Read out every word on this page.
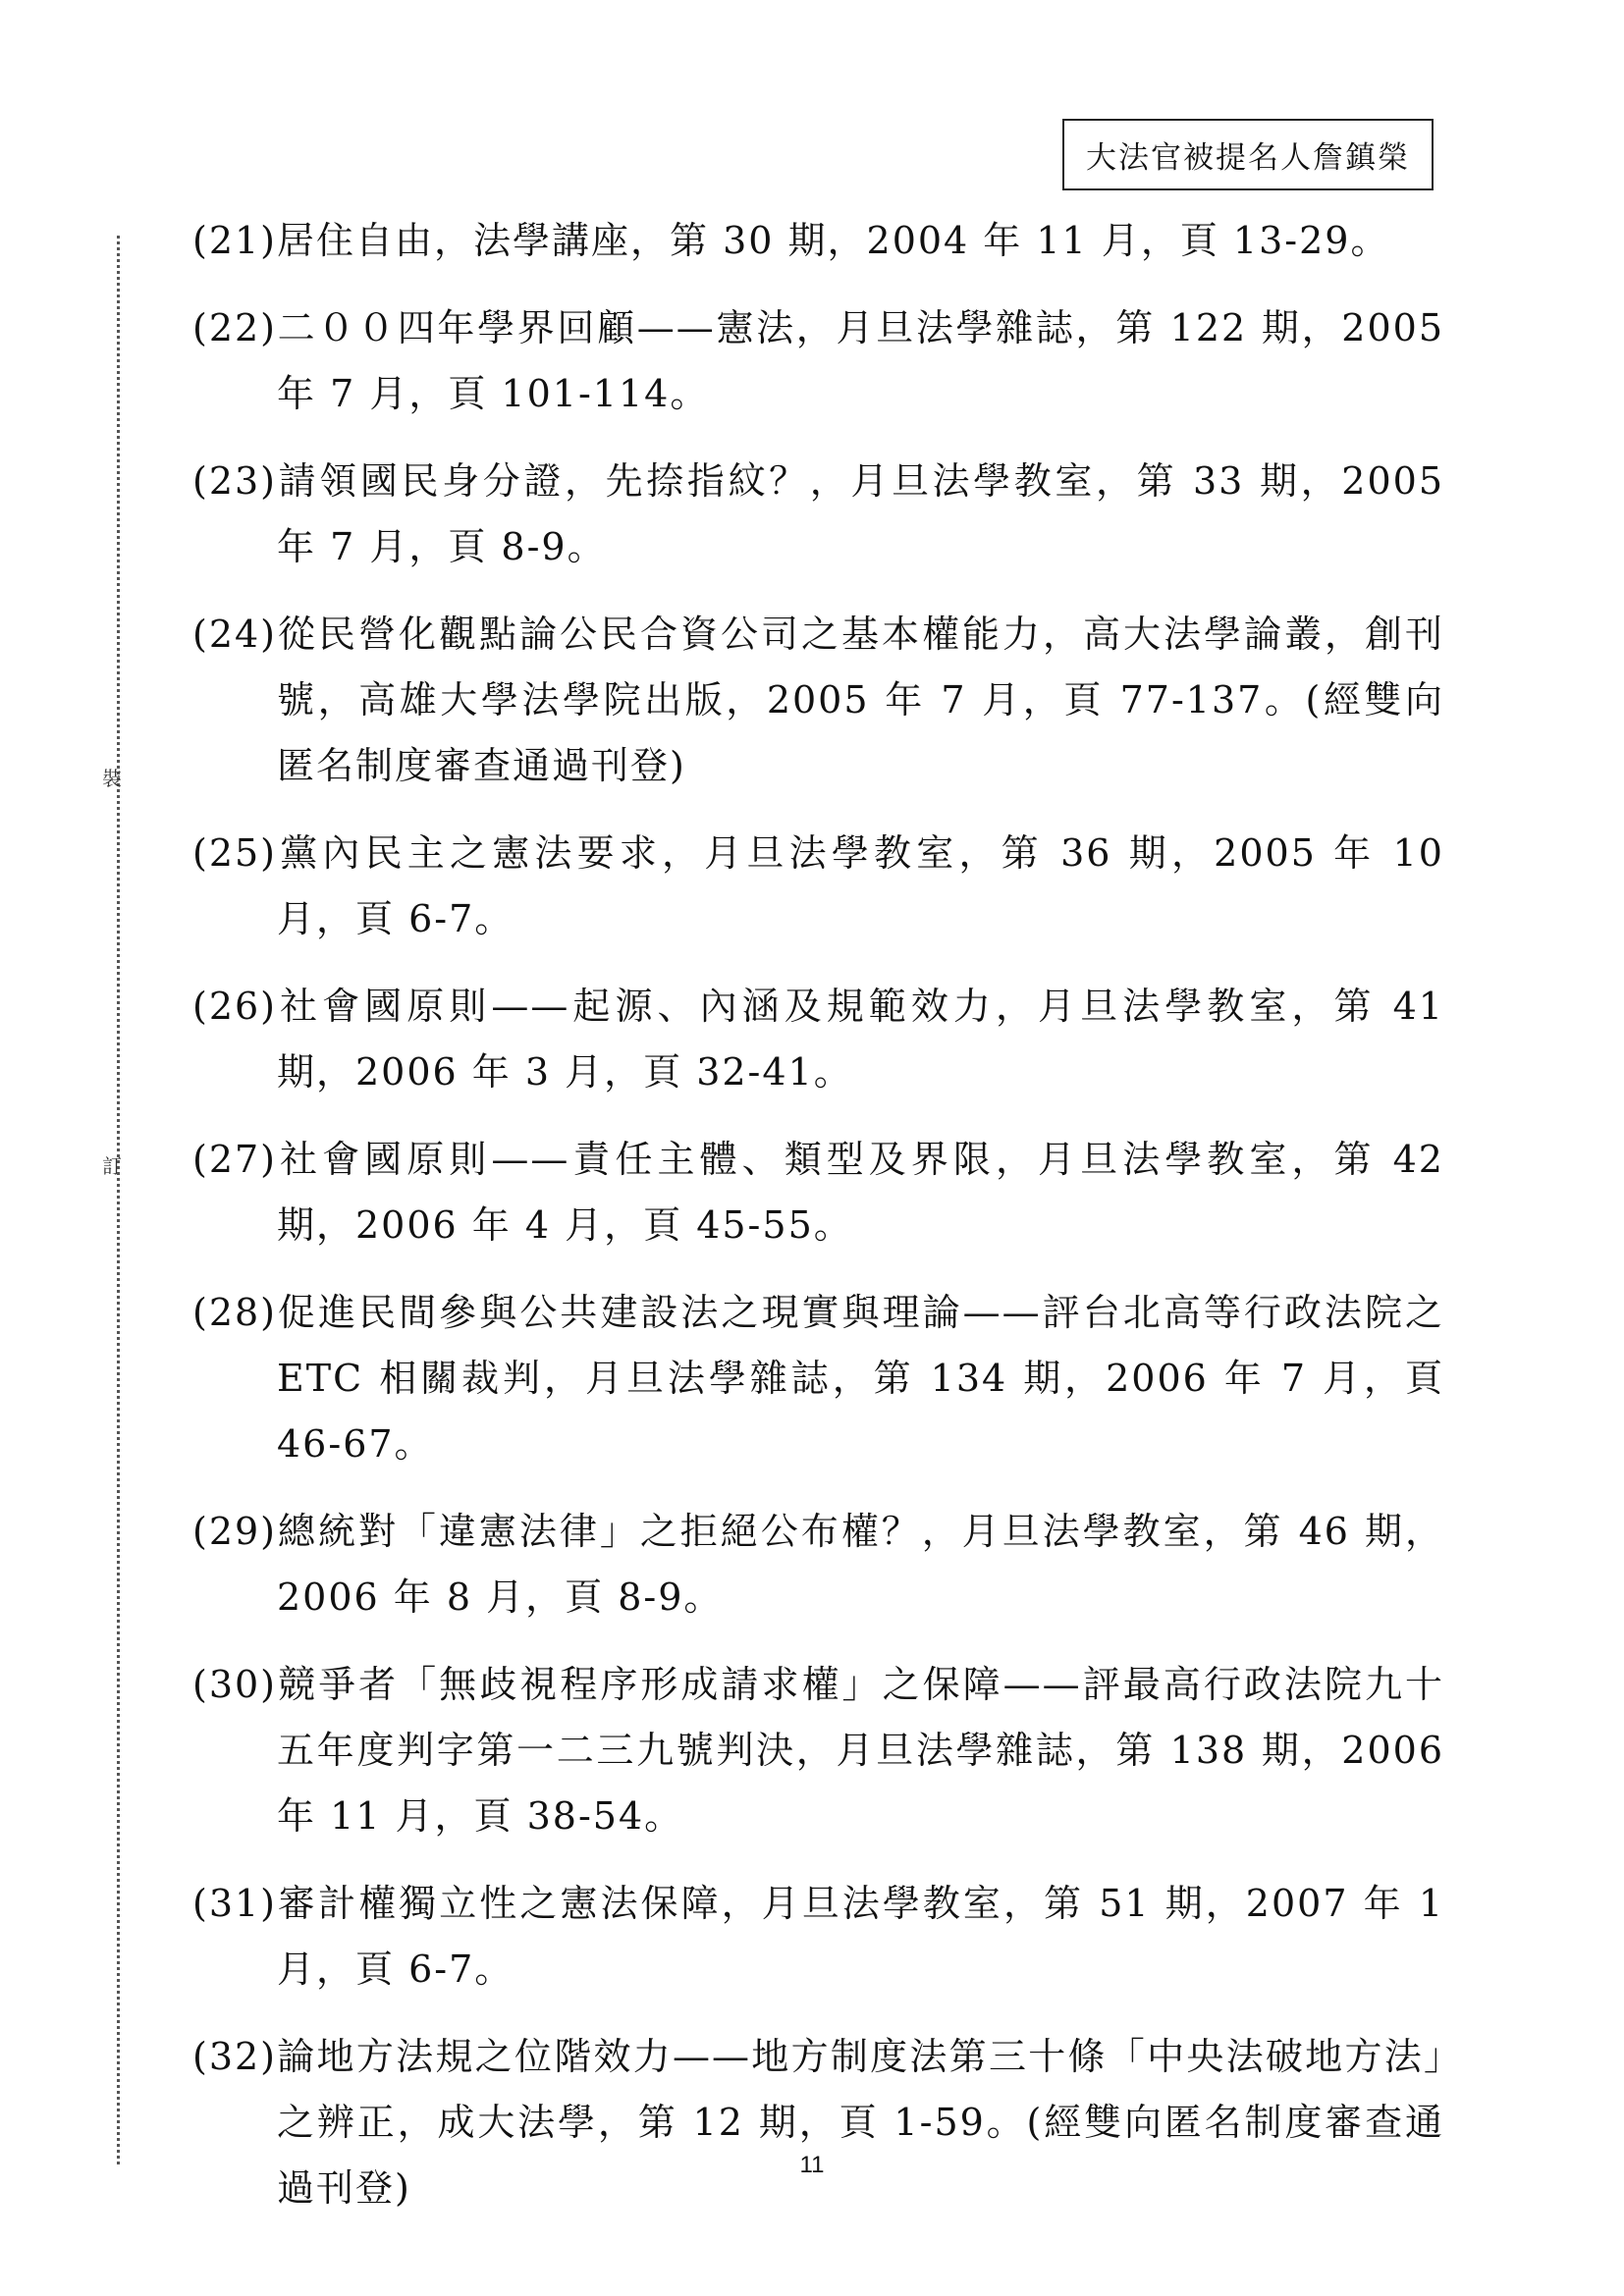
大法官被提名人詹鎮榮
裝
訂
(21)居住自由，法學講座，第 30 期，2004 年 11 月，頁 13-29。
(22)二００四年學界回顧——憲法，月旦法學雜誌，第 122 期，2005 年 7 月，頁 101-114。
(23)請領國民身分證，先捺指紋？，月旦法學教室，第 33 期，2005 年 7 月，頁 8-9。
(24)從民營化觀點論公民合資公司之基本權能力，高大法學論叢，創刊號，高雄大學法學院出版，2005 年 7 月，頁 77-137。(經雙向匿名制度審查通過刊登)
(25)黨內民主之憲法要求，月旦法學教室，第 36 期，2005 年 10 月，頁 6-7。
(26)社會國原則——起源、內涵及規範效力，月旦法學教室，第 41 期，2006 年 3 月，頁 32-41。
(27)社會國原則——責任主體、類型及界限，月旦法學教室，第 42 期，2006 年 4 月，頁 45-55。
(28)促進民間參與公共建設法之現實與理論——評台北高等行政法院之 ETC 相關裁判，月旦法學雜誌，第 134 期，2006 年 7 月，頁 46-67。
(29)總統對「違憲法律」之拒絕公布權？，月旦法學教室，第 46 期，2006 年 8 月，頁 8-9。
(30)競爭者「無歧視程序形成請求權」之保障——評最高行政法院九十五年度判字第一二三九號判決，月旦法學雜誌，第 138 期，2006 年 11 月，頁 38-54。
(31)審計權獨立性之憲法保障，月旦法學教室，第 51 期，2007 年 1 月，頁 6-7。
(32)論地方法規之位階效力——地方制度法第三十條「中央法破地方法」之辨正，成大法學，第 12 期，頁 1-59。(經雙向匿名制度審查通過刊登)
11
